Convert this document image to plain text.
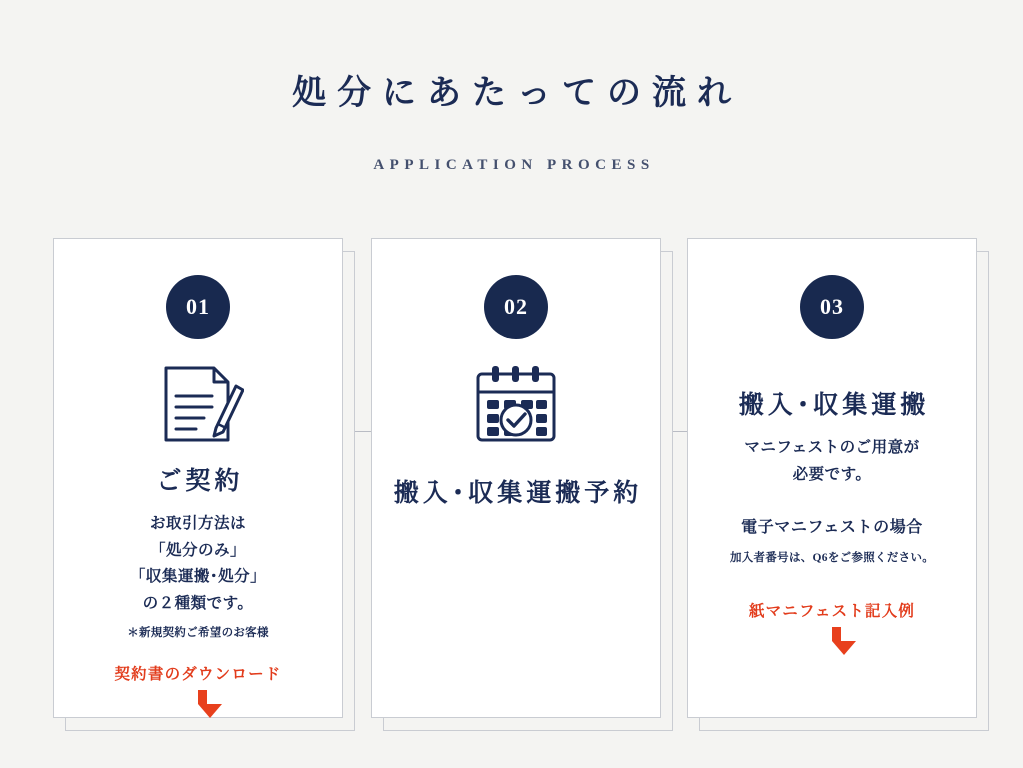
処分にあたっての流れ
APPLICATION PROCESS
01
ご契約
お取引方法は
「処分のみ」
「収集運搬･処分」
の２種類です。
＊新規契約ご希望のお客様
契約書のダウンロード
02
搬入･収集運搬予約
03
搬入･収集運搬
マニフェストのご用意が
必要です。
電子マニフェストの場合
加入者番号は、Q6をご参照ください。
紙マニフェスト記入例
